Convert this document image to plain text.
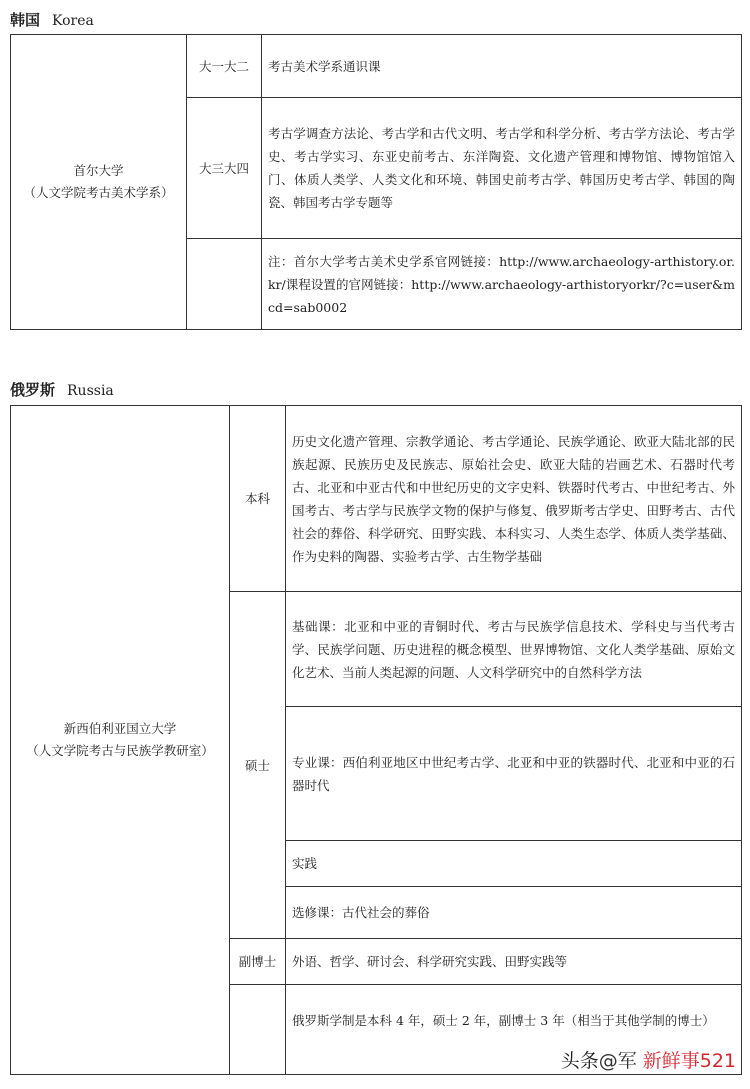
韩国 Korea
首尔大学
（人文学院考古美术学系）	大一大二	考古美术学系通识课
	大三大四	考古学调查方法论、考古学和古代文明、考古学和科学分析、考古学方法论、考古学史、考古学实习、东亚史前考古、东洋陶瓷、文化遗产管理和博物馆、博物馆馆入门、体质人类学、人类文化和环境、韩国史前考古学、韩国历史考古学、韩国的陶瓷、韩国考古学专题等
		注：首尔大学考古美术史学系官网链接：http://www.archaeology-arthistory.or.kr/课程设置的官网链接：http://www.archaeology-arthistoryorkr/?c=user&mcd=sab0002
俄罗斯 Russia
新西伯利亚国立大学
（人文学院考古与民族学教研室）	本科	历史文化遗产管理、宗教学通论、考古学通论、民族学通论、欧亚大陆北部的民族起源、民族历史及民族志、原始社会史、欧亚大陆的岩画艺术、石器时代考古、北亚和中亚古代和中世纪历史的文字史料、铁器时代考古、中世纪考古、外国考古、考古学与民族学文物的保护与修复、俄罗斯考古学史、田野考古、古代社会的葬俗、科学研究、田野实践、本科实习、人类生态学、体质人类学基础、作为史料的陶器、实验考古学、古生物学基础
	硕士	基础课：北亚和中亚的青铜时代、考古与民族学信息技术、学科史与当代考古学、民族学问题、历史进程的概念模型、世界博物馆、文化人类学基础、原始文化艺术、当前人类起源的问题、人文科学研究中的自然科学方法
		专业课：西伯利亚地区中世纪考古学、北亚和中亚的铁器时代、北亚和中亚的石器时代
		实践
		选修课：古代社会的葬俗
	副博士	外语、哲学、研讨会、科学研究实践、田野实践等
		俄罗斯学制是本科 4 年，硕士 2 年，副博士 3 年（相当于其他学制的博士）
头条@军 新鲜事521
